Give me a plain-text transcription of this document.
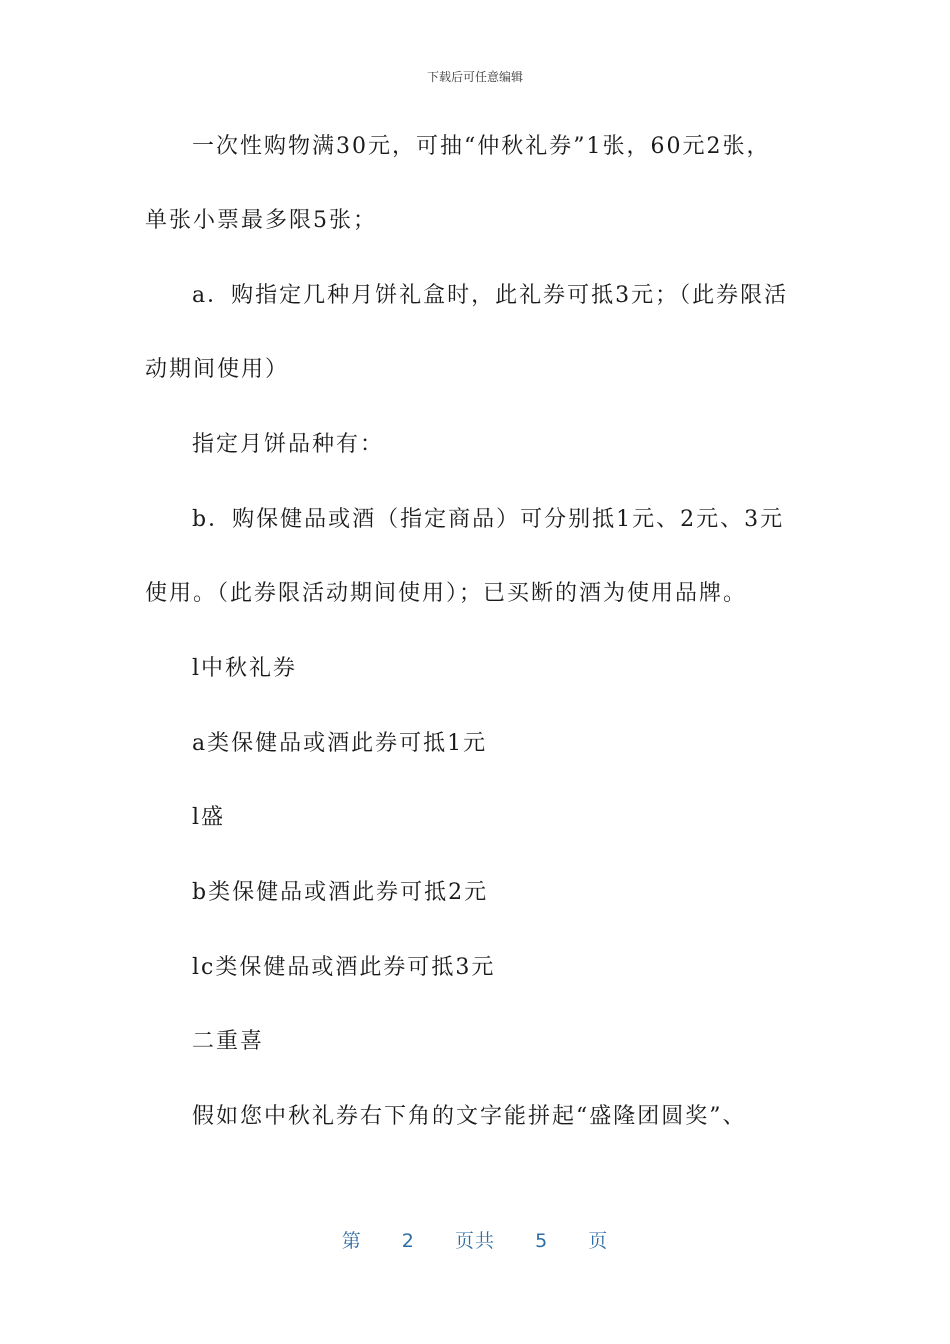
下载后可任意编辑
一次性购物满30元，可抽“仲秋礼券”1张，60元2张，
单张小票最多限5张；
a．购指定几种月饼礼盒时，此礼券可抵3元；（此券限活
动期间使用）
指定月饼品种有：
b．购保健品或酒（指定商品）可分别抵1元、2元、3元
使用。（此券限活动期间使用）；已买断的酒为使用品牌。
l中秋礼券
a类保健品或酒此券可抵1元
l盛
b类保健品或酒此券可抵2元
lc类保健品或酒此券可抵3元
二重喜
假如您中秋礼券右下角的文字能拼起“盛隆团圆奖”、
第 2 页共 5 页
